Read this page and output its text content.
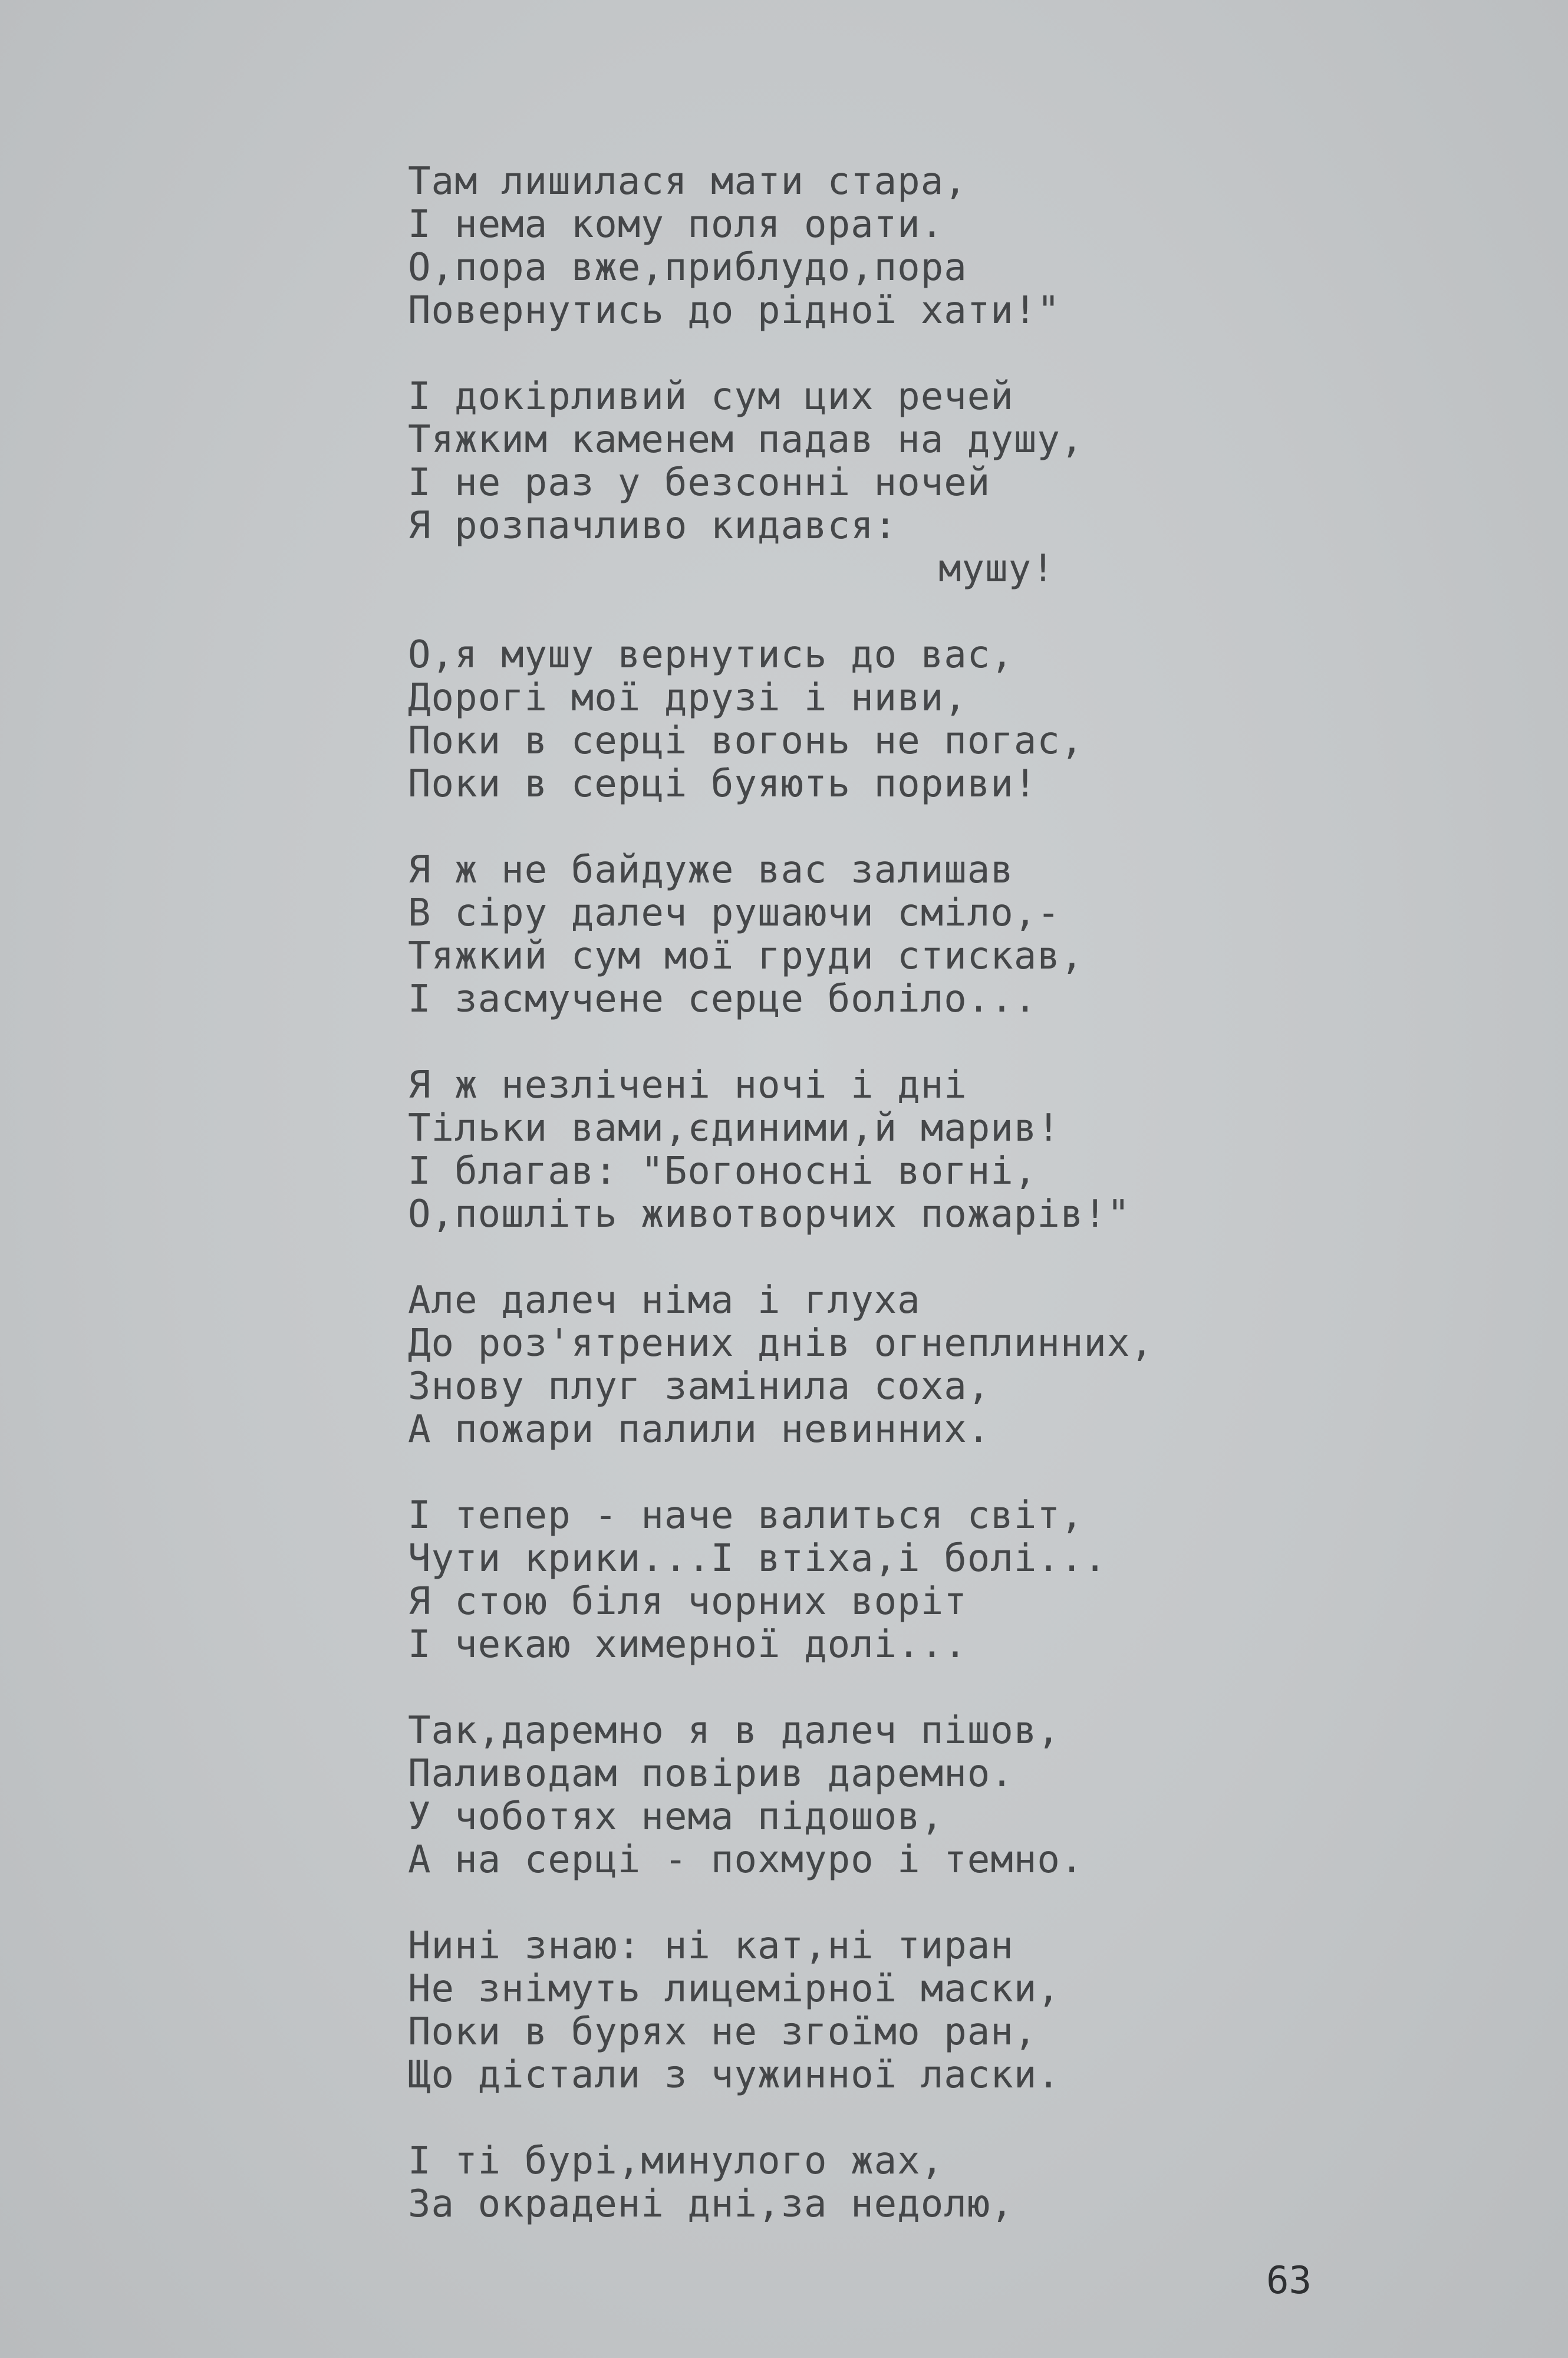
Там лишилася мати стара,
І нема кому поля орати.
О,пора вже,приблудо,пора
Повернутись до рідної хати!"
І докірливий сум цих речей
Тяжким каменем падав на душу,
І не раз у безсонні ночей
Я розпачливо кидався:
мушу!
О,я мушу вернутись до вас,
Дорогі мої друзі і ниви,
Поки в серці вогонь не погас,
Поки в серці буяють пориви!
Я ж не байдуже вас залишав
В сіру далеч рушаючи сміло,-
Тяжкий сум мої груди стискав,
І засмучене серце боліло...
Я ж незлічені ночі і дні
Тільки вами,єдиними,й марив!
І благав: "Богоносні вогні,
О,пошліть животворчих пожарів!"
Але далеч німа і глуха
До роз'ятрених днів огнеплинних,
Знову плуг замінила соха,
А пожари палили невинних.
І тепер - наче валиться світ,
Чути крики...І втіха,і болі...
Я стою біля чорних воріт
І чекаю химерної долі...
Так,даремно я в далеч пішов,
Паливодам повірив даремно.
У чоботях нема підошов,
А на серці - похмуро і темно.
Нині знаю: ні кат,ні тиран
Не знімуть лицемірної маски,
Поки в бурях не згоїмо ран,
Що дістали з чужинної ласки.
І ті бурі,минулого жах,
За окрадені дні,за недолю,
63
